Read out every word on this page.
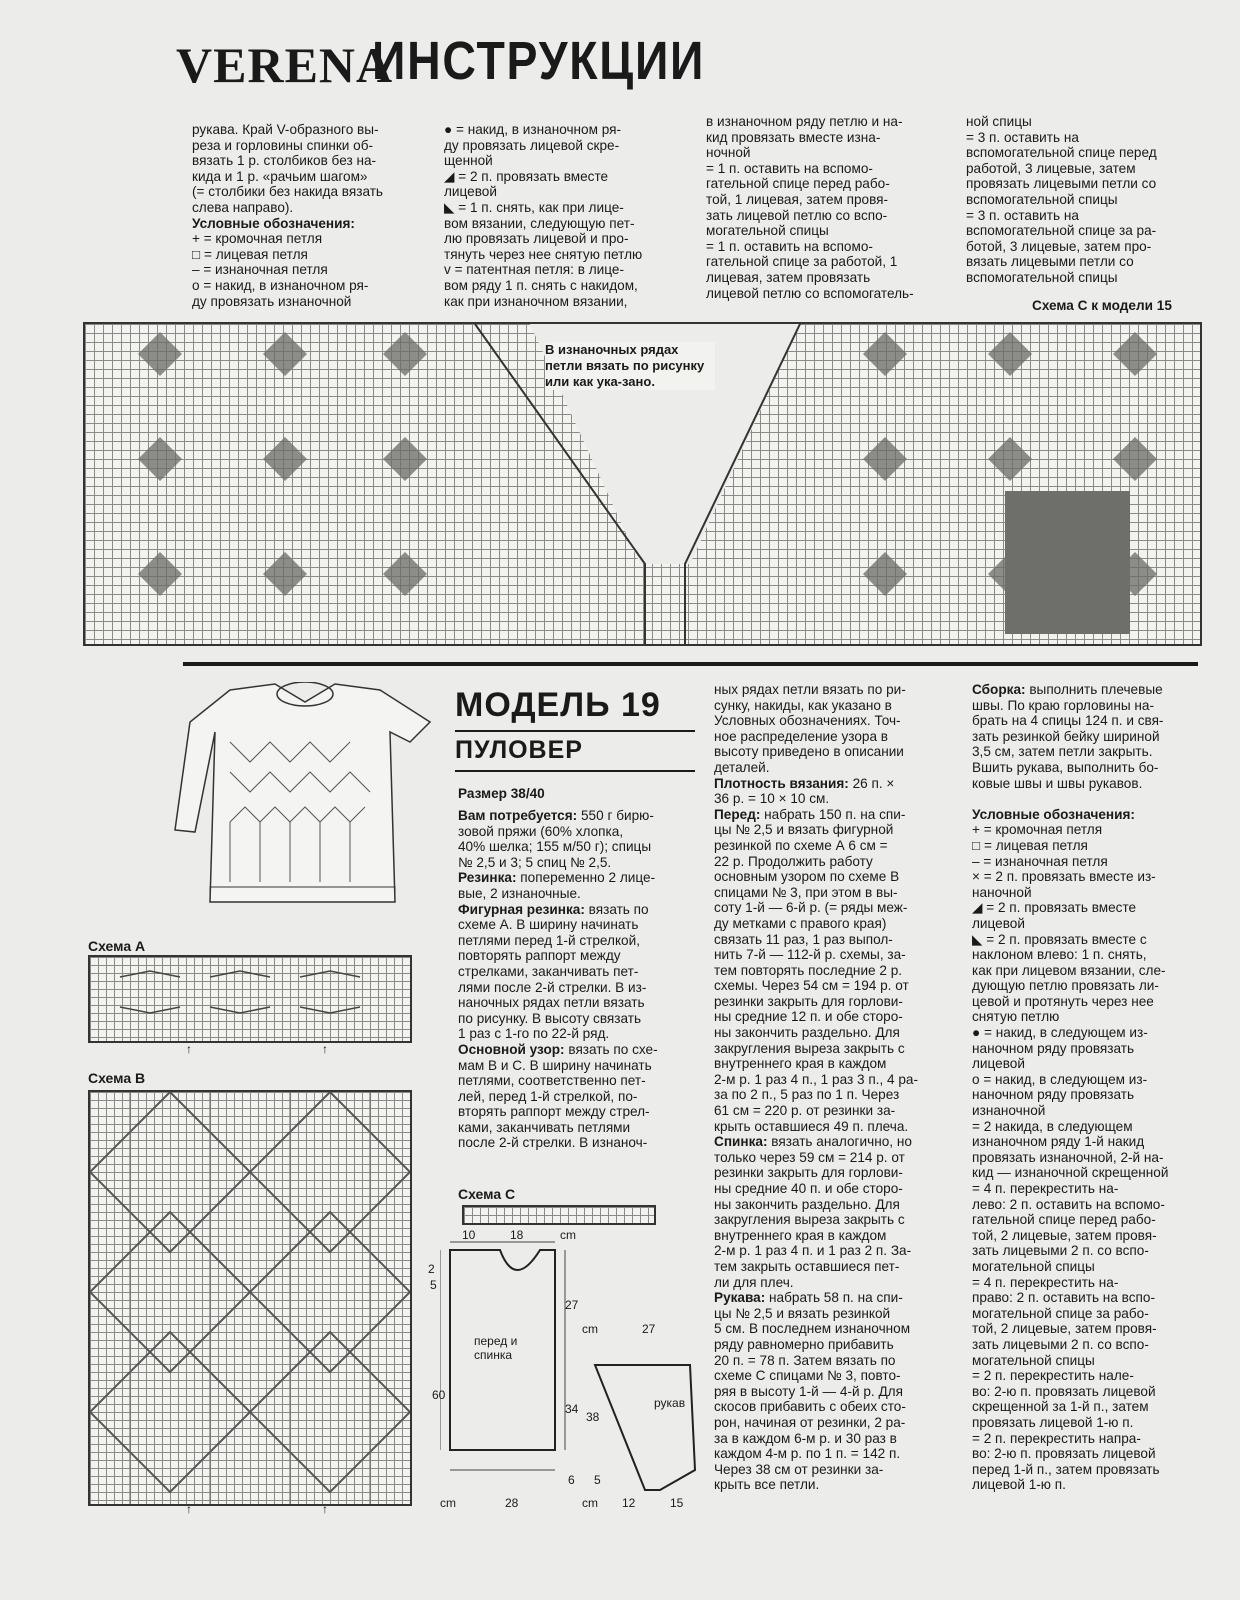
VERENA
ИНСТРУКЦИИ

рукава. Край V-образного вы-

реза и горловины спинки об-

вязать 1 р. столбиков без на-

кида и 1 р. «рачьим шагом»

(= столбики без накида вязать

слева направо).

Условные обозначения:

+ = кромочная петля

□ = лицевая петля

– = изнаночная петля

о = накид, в изнаночном ря-

ду провязать изнаночной

● = накид, в изнаночном ря-

ду провязать лицевой скре-

щенной

◢ = 2 п. провязать вместе

лицевой

◣ = 1 п. снять, как при лице-

вом вязании, следующую пет-

лю провязать лицевой и про-

тянуть через нее снятую петлю

v = патентная петля: в лице-

вом ряду 1 п. снять с накидом,

как при изнаночном вязании,

в изнаночном ряду петлю и на-

кид провязать вместе изна-

ночной

= 1 п. оставить на вспомо-

гательной спице перед рабо-

той, 1 лицевая, затем провя-

зать лицевой петлю со вспо-

могательной спицы

= 1 п. оставить на вспомо-

гательной спице за работой, 1

лицевая, затем провязать

лицевой петлю со вспомогатель-

ной спицы

= 3 п. оставить на

вспомогательной спице перед

работой, 3 лицевые, затем

провязать лицевыми петли со

вспомогательной спицы

= 3 п. оставить на

вспомогательной спице за ра-

ботой, 3 лицевые, затем про-

вязать лицевыми петли со

вспомогательной спицы

Схема С к модели 15
В изнаночных рядах петли вязать по рисунку или как ука-зано.
МОДЕЛЬ 19
ПУЛОВЕР
Размер 38/40

Вам потребуется: 550 г бирю-

зовой пряжи (60% хлопка,

40% шелка; 155 м/50 г); спицы

№ 2,5 и 3; 5 спиц № 2,5.

Резинка: попеременно 2 лице-

вые, 2 изнаночные.

Фигурная резинка: вязать по

схеме А. В ширину начинать

петлями перед 1-й стрелкой,

повторять раппорт между

стрелками, заканчивать пет-

лями после 2-й стрелки. В из-

наночных рядах петли вязать

по рисунку. В высоту связать

1 раз с 1-го по 22-й ряд.

Основной узор: вязать по схе-

мам В и С. В ширину начинать

петлями, соответственно пет-

лей, перед 1-й стрелкой, по-

вторять раппорт между стрел-

ками, заканчивать петлями

после 2-й стрелки. В изнаноч-

ных рядах петли вязать по ри-

сунку, накиды, как указано в

Условных обозначениях. Точ-

ное распределение узора в

высоту приведено в описании

деталей.

Плотность вязания: 26 п. ×

36 р. = 10 × 10 см.

Перед: набрать 150 п. на спи-

цы № 2,5 и вязать фигурной

резинкой по схеме А 6 см =

22 р. Продолжить работу

основным узором по схеме В

спицами № 3, при этом в вы-

соту 1-й — 6-й р. (= ряды меж-

ду метками с правого края)

связать 11 раз, 1 раз выпол-

нить 7-й — 112-й р. схемы, за-

тем повторять последние 2 р.

схемы. Через 54 см = 194 р. от

резинки закрыть для горлови-

ны средние 12 п. и обе сторо-

ны закончить раздельно. Для

закругления выреза закрыть с

внутреннего края в каждом

2-м р. 1 раз 4 п., 1 раз 3 п., 4 ра-

за по 2 п., 5 раз по 1 п. Через

61 см = 220 р. от резинки за-

крыть оставшиеся 49 п. плеча.

Спинка: вязать аналогично, но

только через 59 см = 214 р. от

резинки закрыть для горлови-

ны средние 40 п. и обе сторо-

ны закончить раздельно. Для

закругления выреза закрыть с

внутреннего края в каждом

2-м р. 1 раз 4 п. и 1 раз 2 п. За-

тем закрыть оставшиеся пет-

ли для плеч.

Рукава: набрать 58 п. на спи-

цы № 2,5 и вязать резинкой

5 см. В последнем изнаночном

ряду равномерно прибавить

20 п. = 78 п. Затем вязать по

схеме С спицами № 3, повто-

ряя в высоту 1-й — 4-й р. Для

скосов прибавить с обеих сто-

рон, начиная от резинки, 2 ра-

за в каждом 6-м р. и 30 раз в

каждом 4-м р. по 1 п. = 142 п.

Через 38 см от резинки за-

крыть все петли.

Сборка: выполнить плечевые

швы. По краю горловины на-

брать на 4 спицы 124 п. и свя-

зать резинкой бейку шириной

3,5 см, затем петли закрыть.

Вшить рукава, выполнить бо-

ковые швы и швы рукавов.

Условные обозначения:

+ = кромочная петля

□ = лицевая петля

– = изнаночная петля

× = 2 п. провязать вместе из-

наночной

◢ = 2 п. провязать вместе

лицевой

◣ = 2 п. провязать вместе с

наклоном влево: 1 п. снять,

как при лицевом вязании, сле-

дующую петлю провязать ли-

цевой и протянуть через нее

снятую петлю

● = накид, в следующем из-

наночном ряду провязать

лицевой

о = накид, в следующем из-

наночном ряду провязать

изнаночной

= 2 накида, в следующем

изнаночном ряду 1-й накид

провязать изнаночной, 2-й на-

кид — изнаночной скрещенной

= 4 п. перекрестить на-

лево: 2 п. оставить на вспомо-

гательной спице перед рабо-

той, 2 лицевые, затем провя-

зать лицевыми 2 п. со вспо-

могательной спицы

= 4 п. перекрестить на-

право: 2 п. оставить на вспо-

могательной спице за рабо-

той, 2 лицевые, затем провя-

зать лицевыми 2 п. со вспо-

могательной спицы

= 2 п. перекрестить нале-

во: 2-ю п. провязать лицевой

скрещенной за 1-й п., затем

провязать лицевой 1-ю п.

= 2 п. перекрестить напра-

во: 2-ю п. провязать лицевой

перед 1-й п., затем провязать

лицевой 1-ю п.

Схема А
↑	↑
Схема В
↑	↑
Схема С
10	18	cm
2
5
60
27
34
6 5
cm	28	cm
перед и спинка
рукав
cm	27
38
12	15
